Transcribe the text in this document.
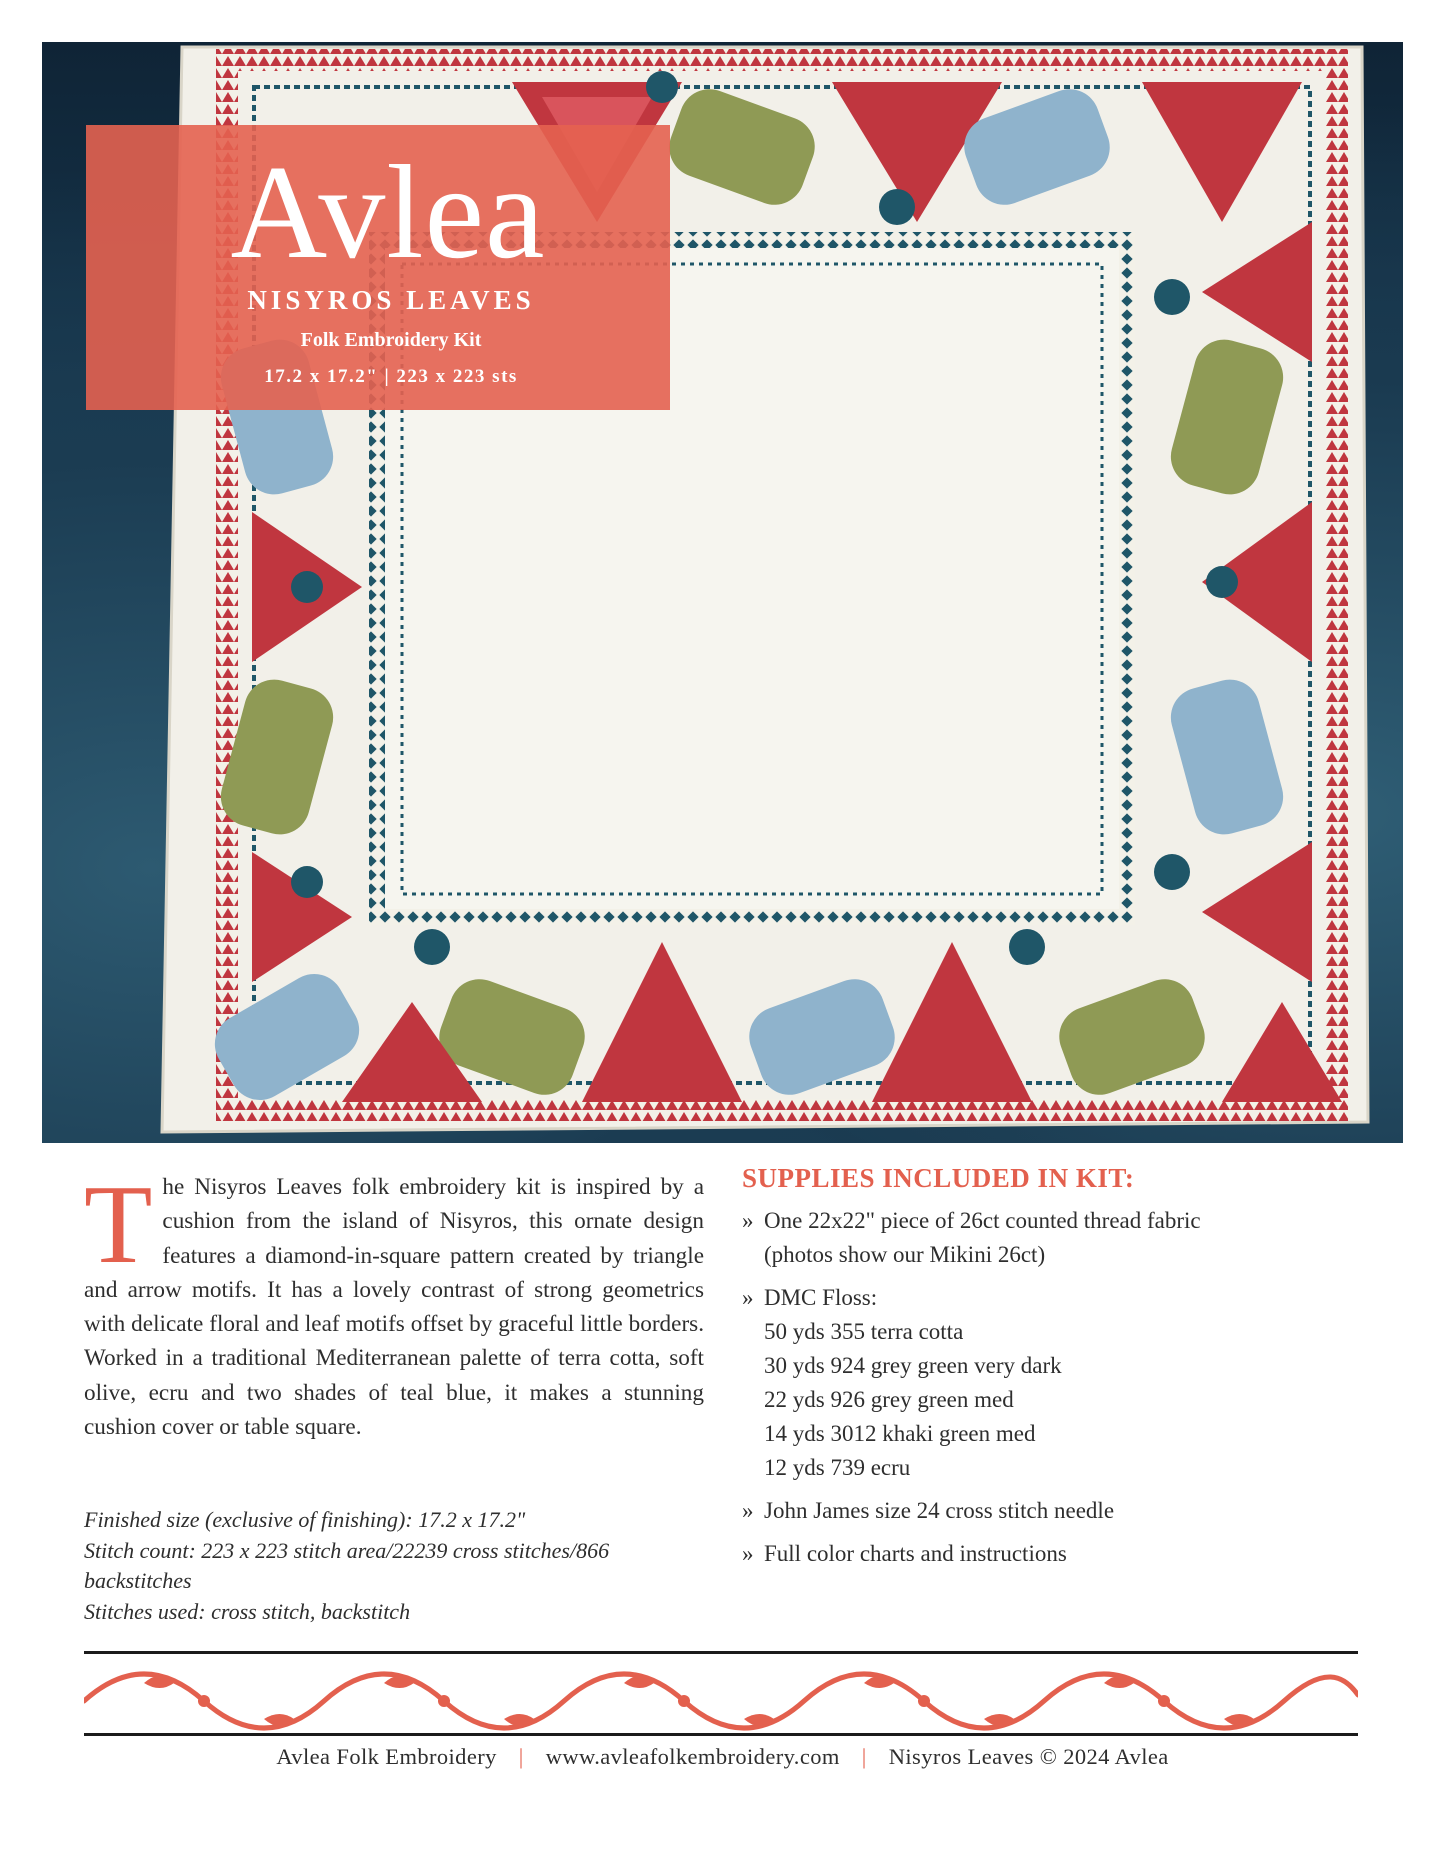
Avlea
NISYROS LEAVES
Folk Embroidery Kit
17.2 x 17.2" | 223 x 223 sts
T he Nisyros Leaves folk embroidery kit is inspired by a cushion from the island of Nisyros, this ornate design features a diamond-in-square pattern created by triangle and arrow motifs. It has a lovely contrast of strong geometrics with delicate floral and leaf motifs offset by graceful little borders. Worked in a traditional Mediterranean palette of terra cotta, soft olive, ecru and two shades of teal blue, it makes a stunning cushion cover or table square.
Finished size (exclusive of finishing): 17.2 x 17.2"
Stitch count: 223 x 223 stitch area/22239 cross stitches/866 backstitches
Stitches used: cross stitch, backstitch
SUPPLIES INCLUDED IN KIT:
» One 22x22" piece of 26ct counted thread fabric
(photos show our Mikini 26ct)
» DMC Floss:
50 yds 355 terra cotta
30 yds 924 grey green very dark
22 yds 926 grey green med
14 yds 3012 khaki green med
12 yds 739 ecru
» John James size 24 cross stitch needle
» Full color charts and instructions
Avlea Folk Embroidery | www.avleafolkembroidery.com | Nisyros Leaves © 2024 Avlea
